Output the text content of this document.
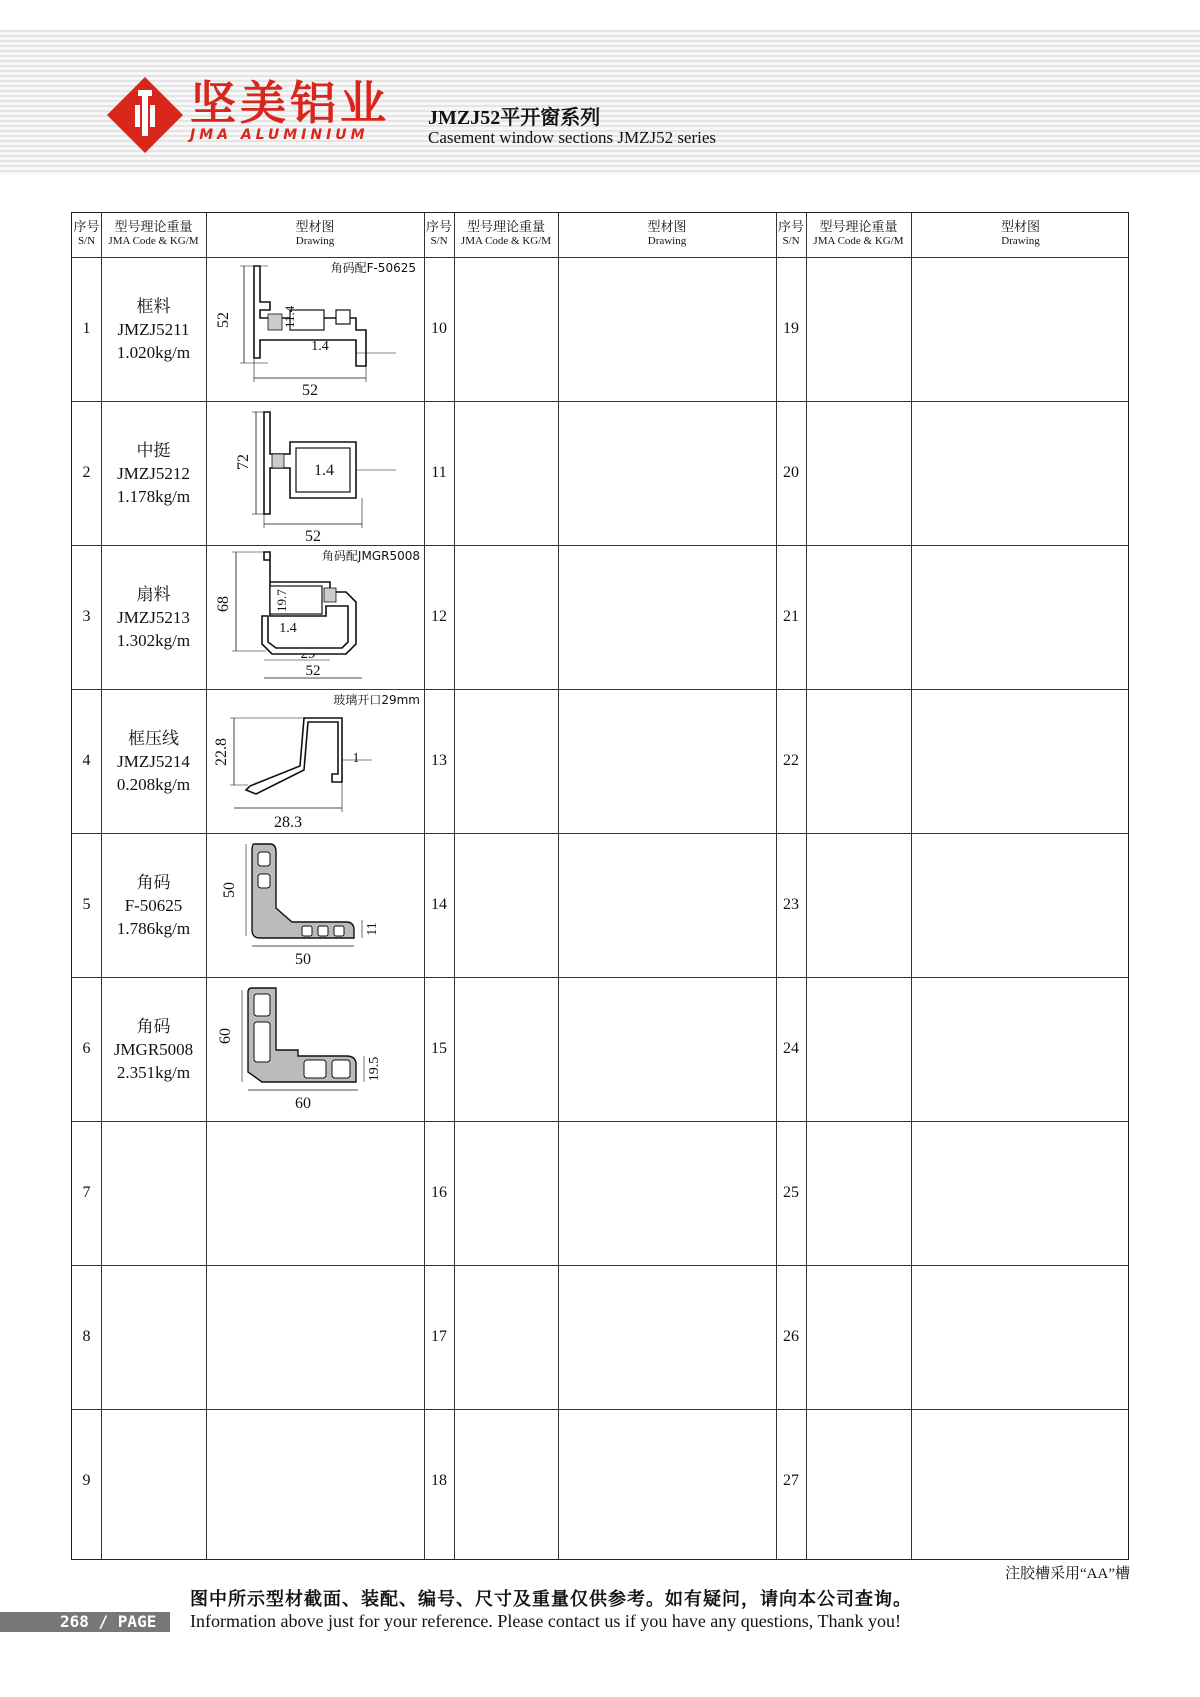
坚美铝业
JMA ALUMINIUM
JMZJ52平开窗系列
Casement window sections JMZJ52 series
序号
S/N
型号理论重量
JMA Code & KG/M
型材图
Drawing
序号
S/N
型号理论重量
JMA Code & KG/M
型材图
Drawing
序号
S/N
型号理论重量
JMA Code & KG/M
型材图
Drawing
1
2
3
4
5
6
7
8
9
10
11
12
13
14
15
16
17
18
19
20
21
22
23
24
25
26
27
框料
JMZJ5211
1.020kg/m
中挺
JMZJ5212
1.178kg/m
扇料
JMZJ5213
1.302kg/m
框压线
JMZJ5214
0.208kg/m
角码
F-50625
1.786kg/m
角码
JMGR5008
2.351kg/m
角码配F-50625
52
52
11.4
1.4
72
52
1.4
角码配JMGR5008
68
52
19.7
1.4
玻璃开口29mm
22.8
28.3
1
50
50
11
60
60
19.5
注胶槽采用“AA”槽
图中所示型材截面、装配、编号、尺寸及重量仅供参考。如有疑问，请向本公司查询。
268 / PAGE Information above just for your reference. Please contact us if you have any questions, Thank you!
